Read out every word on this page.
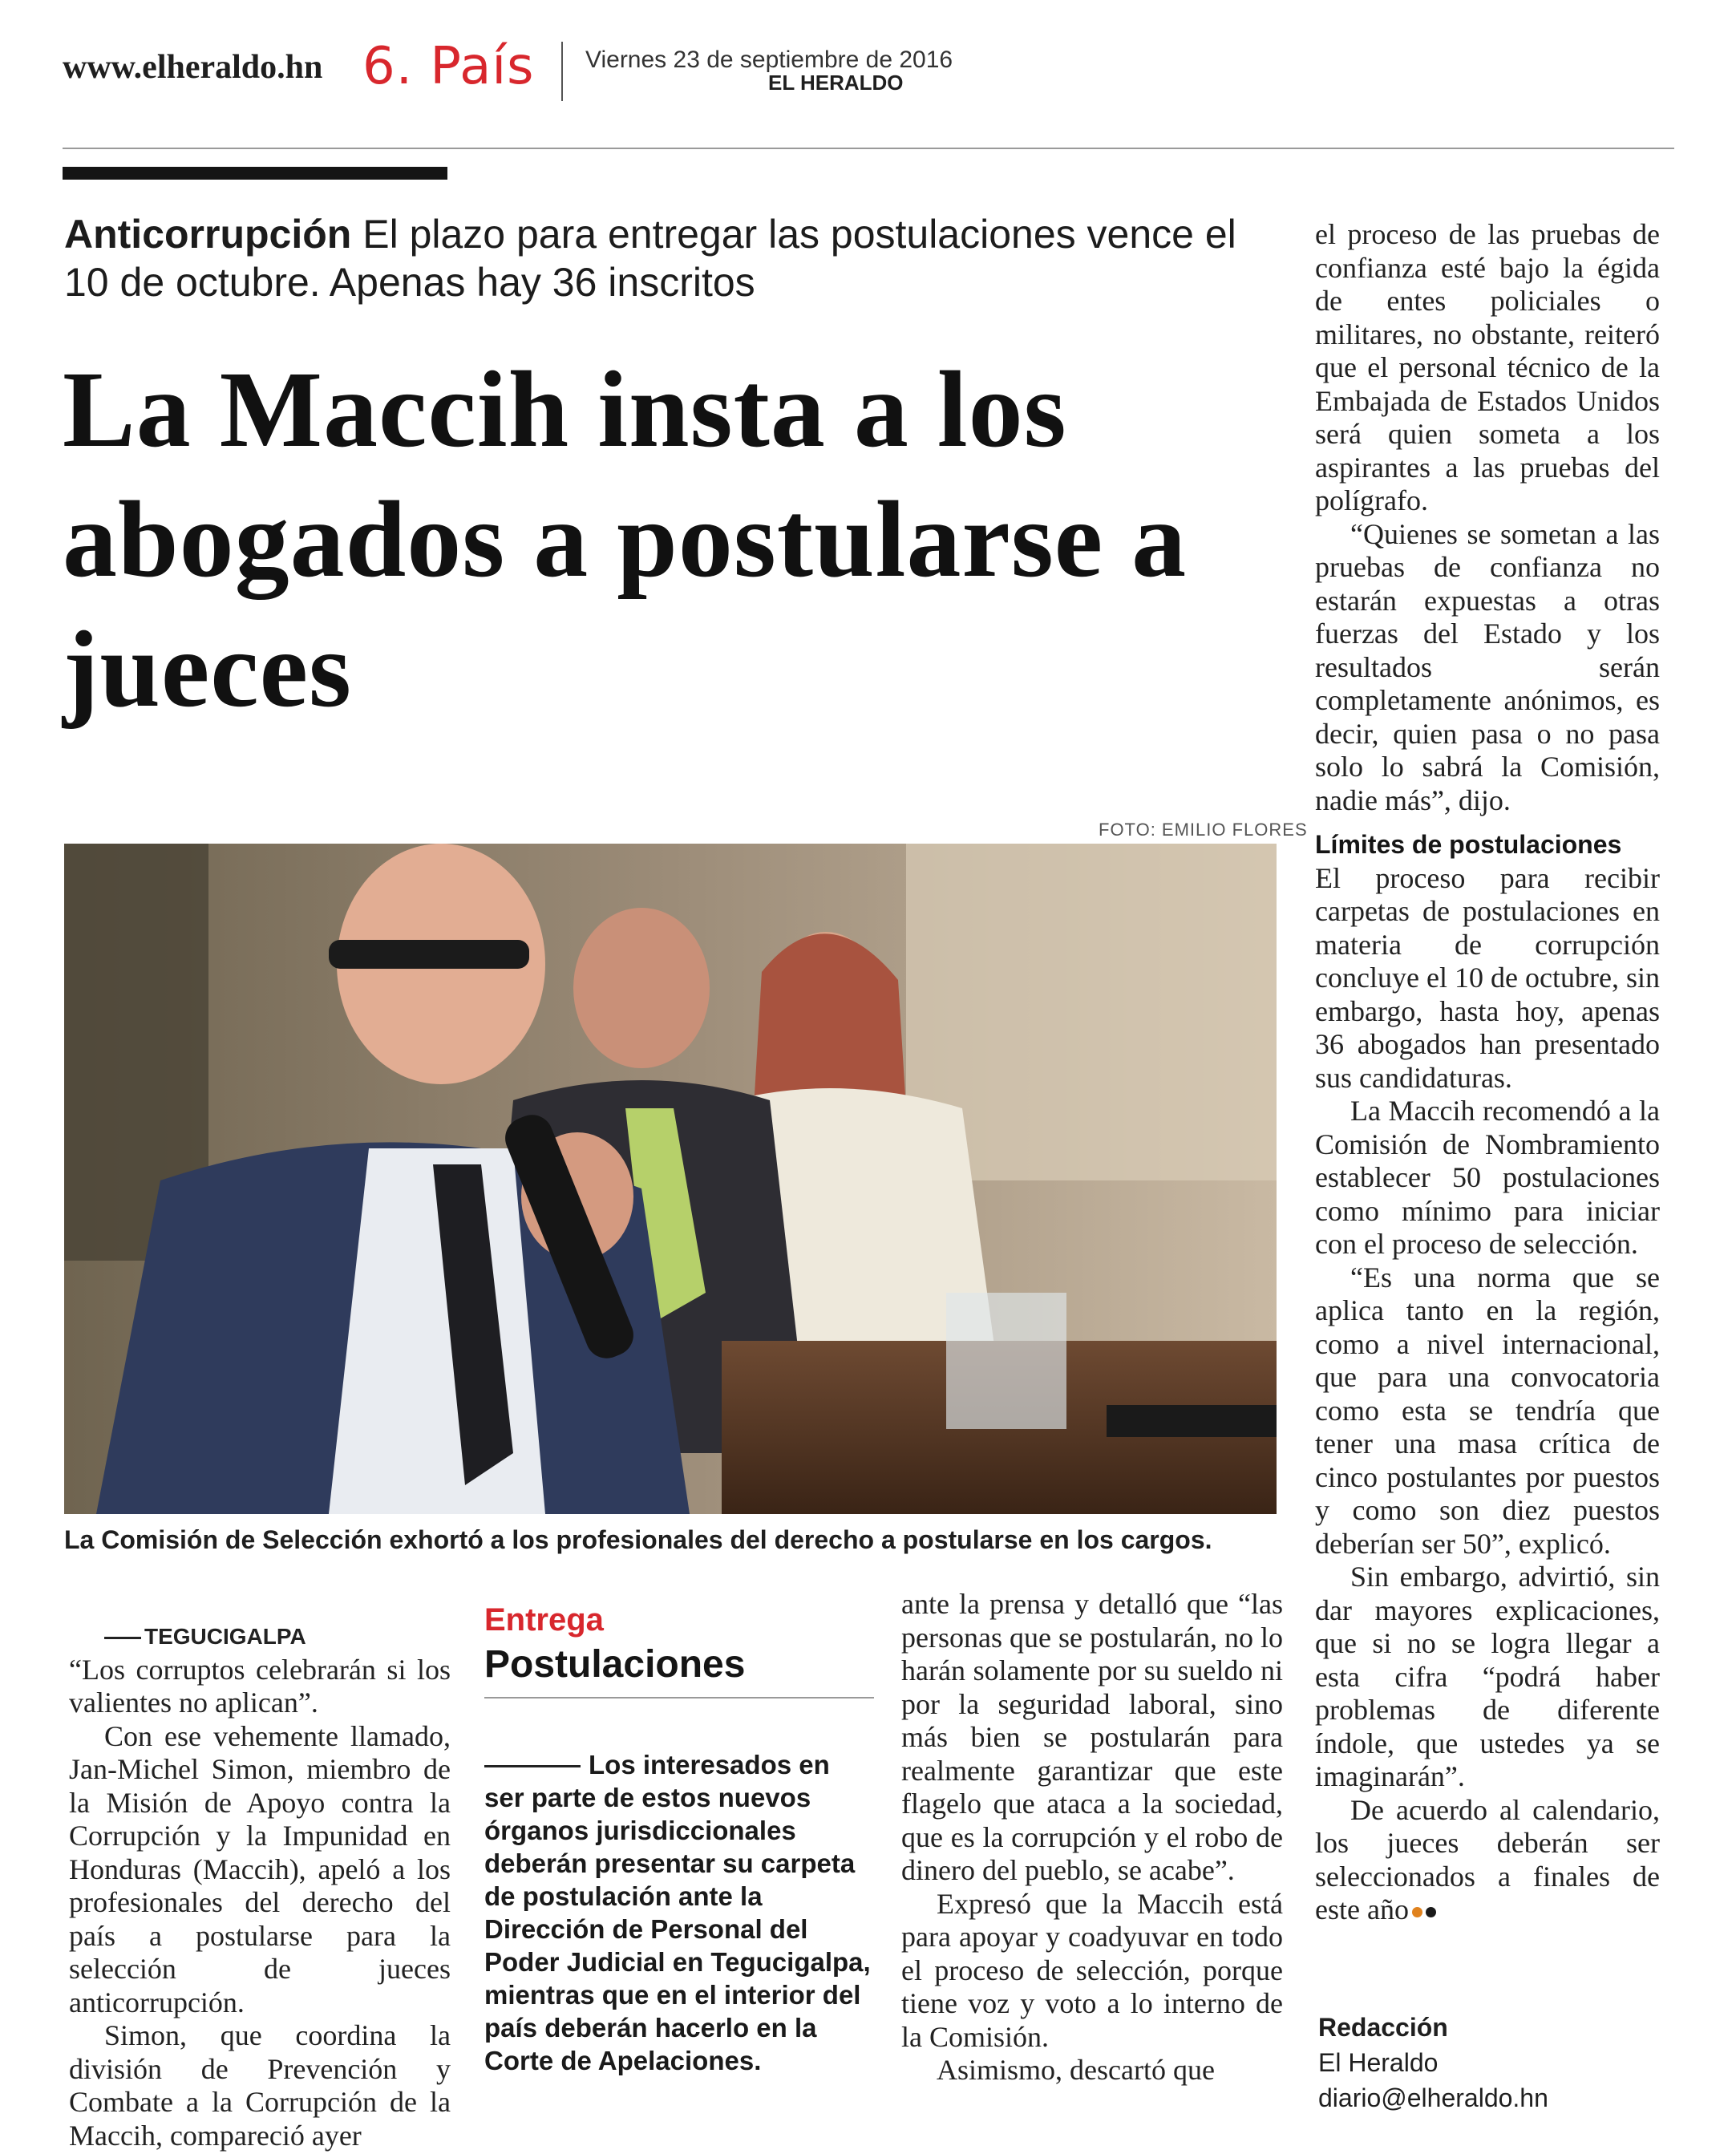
www.elheraldo.hn 6. País Viernes 23 de septiembre de 2016
EL HERALDO
Anticorrupción El plazo para entregar las postulaciones vence el 10 de octubre. Apenas hay 36 inscritos
La Maccih insta a los abogados a postularse a jueces
FOTO: EMILIO FLORES
La Comisión de Selección exhortó a los profesionales del derecho a postularse en los cargos.

TEGUCIGALPA

“Los corruptos celebrarán si los valientes no aplican”.

Con ese vehemente llamado, Jan-Michel Simon, miembro de la Misión de Apoyo contra la Corrupción y la Impunidad en Honduras (Maccih), apeló a los profesionales del derecho del país a postularse para la selección de jueces anticorrupción.

Simon, que coordina la división de Prevención y Combate a la Corrupción de la Maccih, compareció ayer

Entrega
Postulaciones
Los interesados en ser parte de estos nuevos órganos jurisdiccionales deberán presentar su carpeta de postulación ante la Dirección de Personal del Poder Judicial en Tegucigalpa, mientras que en el interior del país deberán hacerlo en la Corte de Apelaciones.

ante la prensa y detalló que “las personas que se postularán, no lo harán solamente por su sueldo ni por la seguridad laboral, sino más bien se postularán para realmente garantizar que este flagelo que ataca a la sociedad, que es la corrupción y el robo de dinero del pueblo, se acabe”.

Expresó que la Maccih está para apoyar y coadyuvar en todo el proceso de selección, porque tiene voz y voto a lo interno de la Comisión.

Asimismo, descartó que

el proceso de las pruebas de confianza esté bajo la égida de entes policiales o militares, no obstante, reiteró que el personal técnico de la Embajada de Estados Unidos será quien someta a los aspirantes a las pruebas del polígrafo.

“Quienes se sometan a las pruebas de confianza no estarán expuestas a otras fuerzas del Estado y los resultados serán completamente anónimos, es decir, quien pasa o no pasa solo lo sabrá la Comisión, nadie más”, dijo.

Límites de postulaciones

El proceso para recibir carpetas de postulaciones en materia de corrupción concluye el 10 de octubre, sin embargo, hasta hoy, apenas 36 abogados han presentado sus candidaturas.

La Maccih recomendó a la Comisión de Nombramiento establecer 50 postulaciones como mínimo para iniciar con el proceso de selección.

“Es una norma que se aplica tanto en la región, como a nivel internacional, que para una convocatoria como esta se tendría que tener una masa crítica de cinco postulantes por puestos y como son diez puestos deberían ser 50”, explicó.

Sin embargo, advirtió, sin dar mayores explicaciones, que si no se logra llegar a esta cifra “podrá haber problemas de diferente índole, que ustedes ya se imaginarán”.

De acuerdo al calendario, los jueces deberán ser seleccionados a finales de este año

Redacción
El Heraldo
diario@elheraldo.hn
